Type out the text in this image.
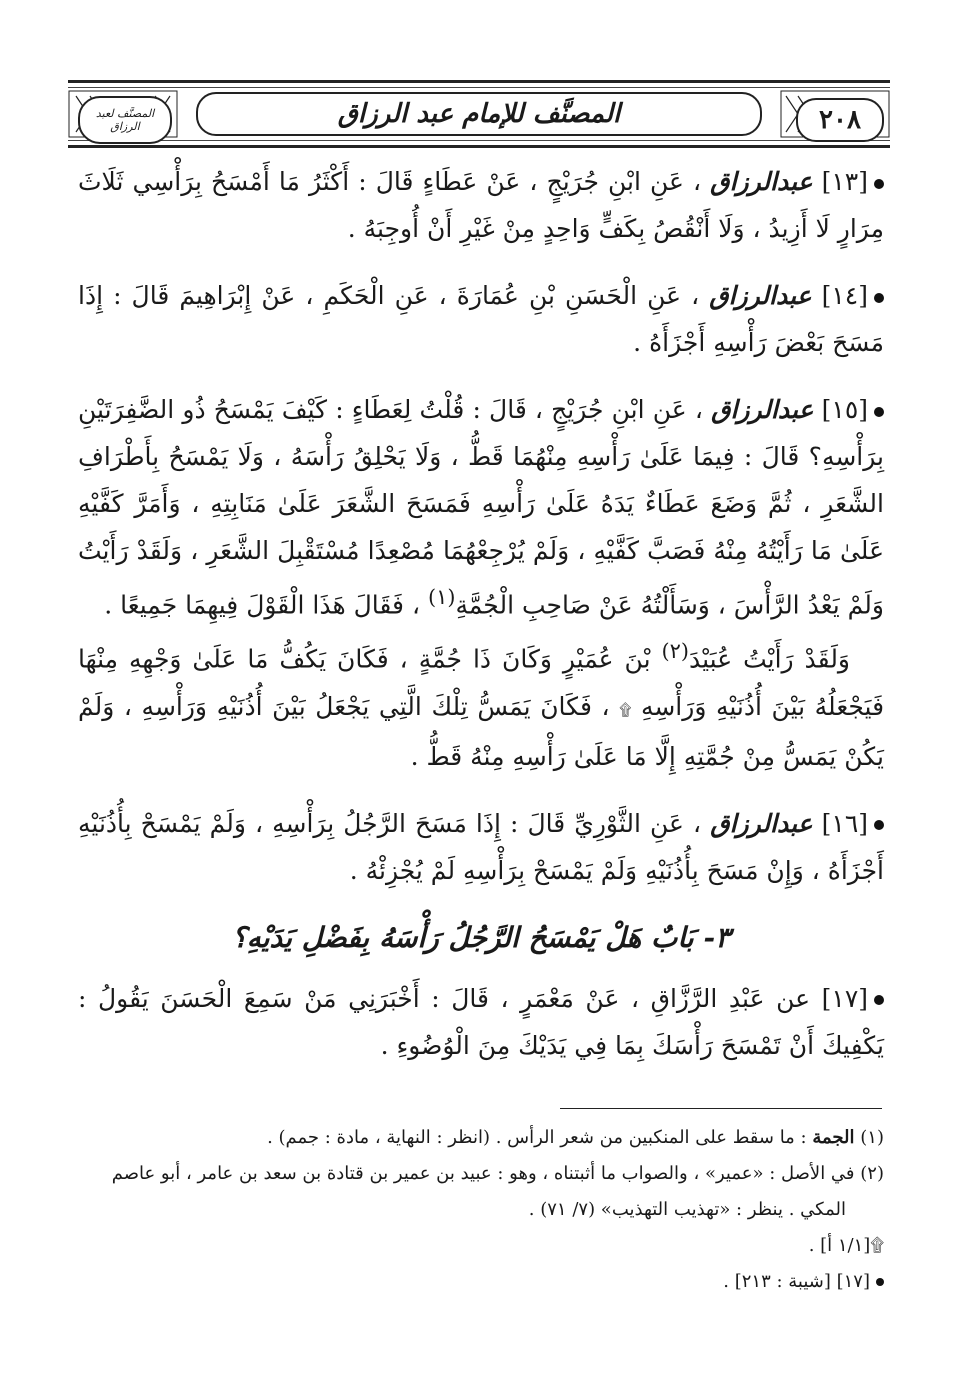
المصنَّف لعبد الرزاق	المصنَّف للإمام عبد الرزاق	٢٠٨

[١٣] عبدالرزاق ، عَنِ ابْنِ جُرَيْجٍ ، عَنْ عَطَاءٍ قَالَ : أَكْثَرُ مَا أَمْسَحُ بِرَأْسِي ثَلَاثَ مِرَارٍ لَا أَزِيدُ ، وَلَا أَنْقُصُ بِكَفٍّ وَاحِدٍ مِنْ غَيْرِ أَنْ أُوجِبَهُ .

[١٤] عبدالرزاق ، عَنِ الْحَسَنِ بْنِ عُمَارَةَ ، عَنِ الْحَكَمِ ، عَنْ إِبْرَاهِيمَ قَالَ : إِذَا مَسَحَ بَعْضَ رَأْسِهِ أَجْزَأَهُ .

[١٥] عبدالرزاق ، عَنِ ابْنِ جُرَيْجٍ ، قَالَ : قُلْتُ لِعَطَاءٍ : كَيْفَ يَمْسَحُ ذُو الضَّفِرَتَيْنِ بِرَأْسِهِ؟ قَالَ : فِيمَا عَلَىٰ رَأْسِهِ مِنْهُمَا قَطُّ ، وَلَا يَحْلِقُ رَأْسَهُ ، وَلَا يَمْسَحُ بِأَطْرَافِ الشَّعَرِ ، ثُمَّ وَضَعَ عَطَاءٌ يَدَهُ عَلَىٰ رَأْسِهِ فَمَسَحَ الشَّعَرَ عَلَىٰ مَنَابِتِهِ ، وَأَمَرَّ كَفَّيْهِ عَلَىٰ مَا رَأَيْتُهُ مِنْهُ فَصَبَّ كَفَّيْهِ ، وَلَمْ يُرْجِعْهُمَا مُصْعِدًا مُسْتَقْبِلَ الشَّعَرِ ، وَلَقَدْ رَأَيْتُ وَلَمْ يَعْدُ الرَّأْسَ ، وَسَأَلْتُهُ عَنْ صَاحِبِ الْجُمَّةِ$^{(١)}$ ، فَقَالَ هَذَا الْقَوْلَ فِيهِمَا جَمِيعًا .

وَلَقَدْ رَأَيْتُ عُبَيْدَ$^{(٢)}$ بْنَ عُمَيْرٍ وَكَانَ ذَا جُمَّةٍ ، فَكَانَ يَكُفُّ مَا عَلَىٰ وَجْهِهِ مِنْهَا فَيَجْعَلُهُ بَيْنَ أُذُنَيْهِ وَرَأْسِهِ ۩ ، فَكَانَ يَمَسُّ تِلْكَ الَّتِي يَجْعَلُ بَيْنَ أُذُنَيْهِ وَرَأْسِهِ ، وَلَمْ يَكُنْ يَمَسُّ مِنْ جُمَّتِهِ إِلَّا مَا عَلَىٰ رَأْسِهِ مِنْهُ قَطُّ .

[١٦] عبدالرزاق ، عَنِ الثَّوْرِيِّ قَالَ : إِذَا مَسَحَ الرَّجُلُ بِرَأْسِهِ ، وَلَمْ يَمْسَحْ بِأُذُنَيْهِ أَجْزَأَهُ ، وَإِنْ مَسَحَ بِأُذُنَيْهِ وَلَمْ يَمْسَحْ بِرَأْسِهِ لَمْ يُجْزِئْهُ .

٣- بَابٌ هَلْ يَمْسَحُ الرَّجُلُ رَأْسَهُ بِفَضْلِ يَدَيْهِ؟

[١٧] عن عَبْدِ الرَّزَّاقِ ، عَنْ مَعْمَرٍ ، قَالَ : أَخْبَرَنِي مَنْ سَمِعَ الْحَسَنَ يَقُولُ : يَكْفِيكَ أَنْ تَمْسَحَ رَأْسَكَ بِمَا فِي يَدَيْكَ مِنَ الْوُضُوءِ .

(١) الجمة : ما سقط على المنكبين من شعر الرأس . (انظر : النهاية ، مادة : جمم) .

(٢) في الأصل : «عمير» ، والصواب ما أثبتناه ، وهو : عبيد بن عمير بن قتادة بن سعد بن عامر ، أبو عاصم

المكي . ينظر : «تهذيب التهذيب» (٧/ ٧١) .

۩[١/١ أ] .

[١٧] [شيبة : ٢١٣] .
